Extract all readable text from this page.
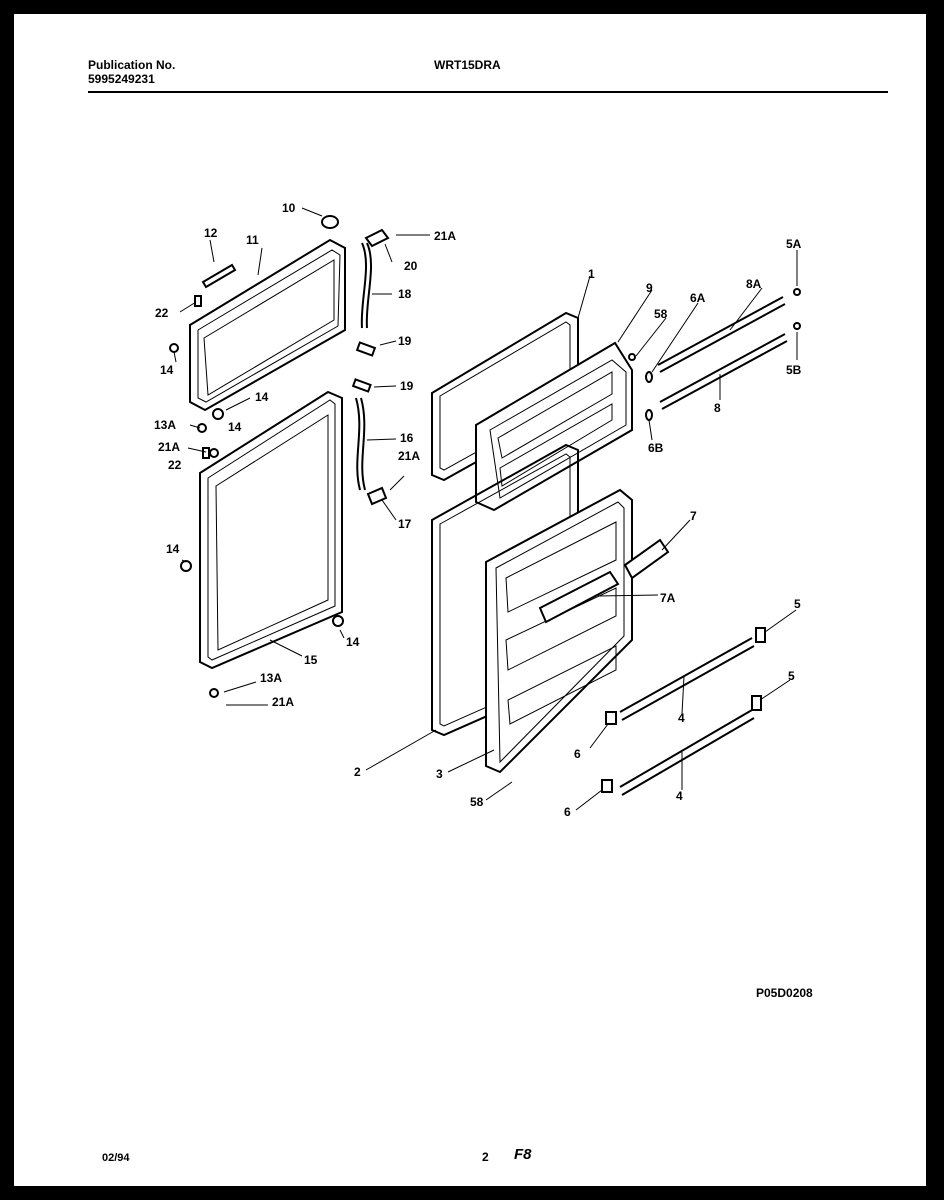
Publication No.
5995249231
WRT15DRA
P05D0208
02/94	2 F8
10
12 11
22
14
14
13A	14
21A
22
14
14
15
13A
21A
21A
20
18
19
19
16
21A
17
1
9
58
6A
8A
5A
5B
8
6B
7
7A	5
5
4
6
4
6
2	3
58
